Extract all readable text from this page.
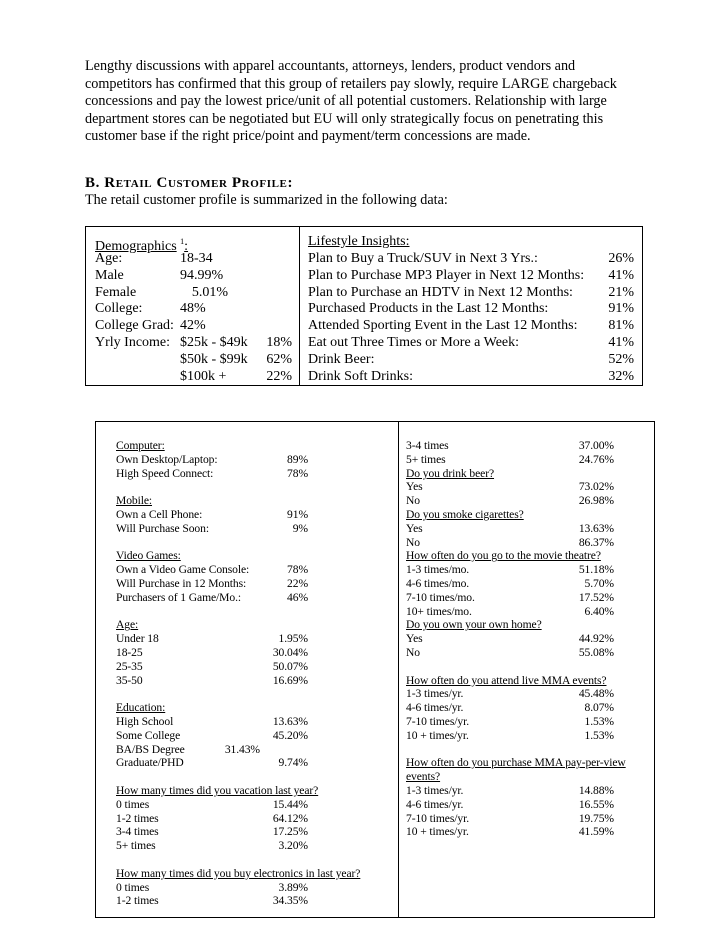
Lengthy discussions with apparel accountants, attorneys, lenders, product vendors and competitors has confirmed that this group of retailers pay slowly, require LARGE chargeback concessions and pay the lowest price/unit of all potential customers. Relationship with large department stores can be negotiated but EU will only strategically focus on penetrating this customer base if the right price/point and payment/term concessions are made.

B. Retail Customer Profile:
The retail customer profile is summarized in the following data:
Demographics $^1$:
Age:	18-34
Male	94.99%
Female	5.01%
College:	48%
College Grad: 42%
Yrly Income: $25k - $49k	18%
$50k - $99k	62%
$100k +	22%
Lifestyle Insights:
Plan to Buy a Truck/SUV in Next 3 Yrs.:	26%
Plan to Purchase MP3 Player in Next 12 Months:	41%
Plan to Purchase an HDTV in Next 12 Months:	21%
Purchased Products in the Last 12 Months:	91%
Attended Sporting Event in the Last 12 Months:	81%
Eat out Three Times or More a Week:	41%
Drink Beer:	52%
Drink Soft Drinks:	32%
Computer:
Own Desktop/Laptop:	89%
High Speed Connect:	78%
Mobile:
Own a Cell Phone:	91%
Will Purchase Soon:	9%
Video Games:
Own a Video Game Console:	78%
Will Purchase in 12 Months:	22%
Purchasers of 1 Game/Mo.:	46%
Age:
Under 18	1.95%
18-25	30.04%
25-35	50.07%
35-50	16.69%
Education:
High School	13.63%
Some College	45.20%
BA/BS Degree	31.43%
Graduate/PHD	9.74%
How many times did you vacation last year?
0 times	15.44%
1-2 times	64.12%
3-4 times	17.25%
5+ times	3.20%
How many times did you buy electronics in last year?
0 times	3.89%
1-2 times	34.35%
3-4 times	37.00%
5+ times	24.76%
Do you drink beer?
Yes	73.02%
No	26.98%
Do you smoke cigarettes?
Yes	13.63%
No	86.37%
How often do you go to the movie theatre?
1-3 times/mo.	51.18%
4-6 times/mo.	5.70%
7-10 times/mo.	17.52%
10+ times/mo.	6.40%
Do you own your own home?
Yes	44.92%
No	55.08%
How often do you attend live MMA events?
1-3 times/yr.	45.48%
4-6 times/yr.	8.07%
7-10 times/yr.	1.53%
10 + times/yr.	1.53%
How often do you purchase MMA pay-per-view
events?
1-3 times/yr.	14.88%
4-6 times/yr.	16.55%
7-10 times/yr.	19.75%
10 + times/yr.	41.59%
